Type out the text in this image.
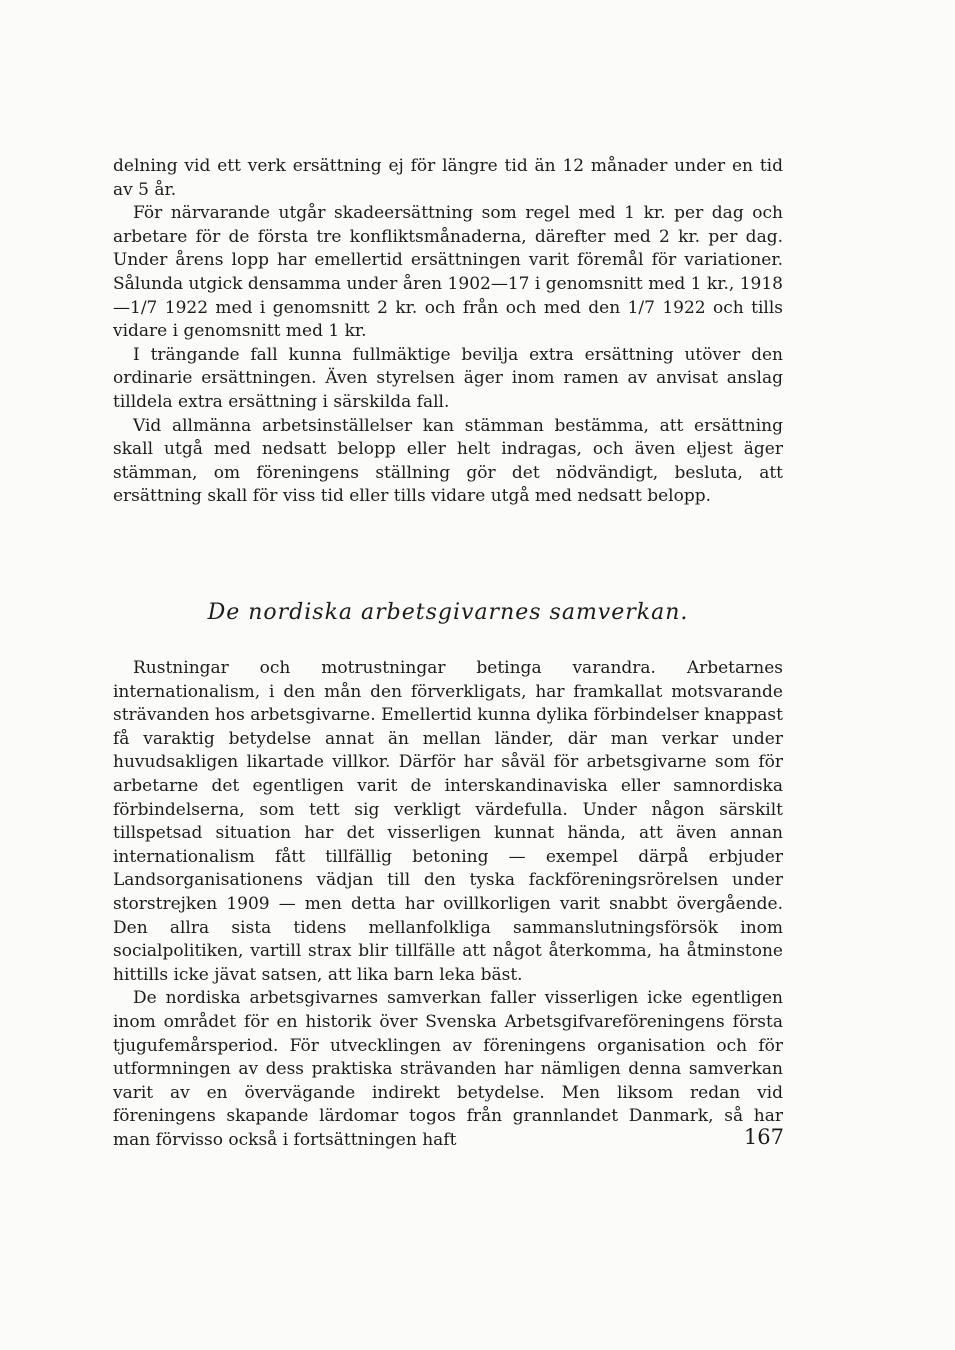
delning vid ett verk ersättning ej för längre tid än 12 månader under en tid av 5 år.

För närvarande utgår skadeersättning som regel med 1 kr. per dag och arbetare för de första tre konfliktsmånaderna, därefter med 2 kr. per dag. Under årens lopp har emellertid ersättningen varit föremål för variationer. Sålunda utgick densamma under åren 1902—17 i genomsnitt med 1 kr., 1918—1/7 1922 med i genomsnitt 2 kr. och från och med den 1/7 1922 och tills vidare i genomsnitt med 1 kr.

I trängande fall kunna fullmäktige bevilja extra ersättning utöver den ordinarie ersättningen. Även styrelsen äger inom ramen av anvisat anslag tilldela extra ersättning i särskilda fall.

Vid allmänna arbetsinställelser kan stämman bestämma, att ersättning skall utgå med nedsatt belopp eller helt indragas, och även eljest äger stämman, om föreningens ställning gör det nödvändigt, besluta, att ersättning skall för viss tid eller tills vidare utgå med nedsatt belopp.

De nordiska arbetsgivarnes samverkan.

Rustningar och motrustningar betinga varandra. Arbetarnes internationalism, i den mån den förverkligats, har framkallat motsvarande strävanden hos arbetsgivarne. Emellertid kunna dylika förbindelser knappast få varaktig betydelse annat än mellan länder, där man verkar under huvudsakligen likartade villkor. Därför har såväl för arbetsgivarne som för arbetarne det egentligen varit de interskandinaviska eller samnordiska förbindelserna, som tett sig verkligt värdefulla. Under någon särskilt tillspetsad situation har det visserligen kunnat hända, att även annan internationalism fått tillfällig betoning — exempel därpå erbjuder Landsorganisationens vädjan till den tyska fackföreningsrörelsen under storstrejken 1909 — men detta har ovillkorligen varit snabbt övergående. Den allra sista tidens mellanfolkliga sammanslutningsförsök inom socialpolitiken, vartill strax blir tillfälle att något återkomma, ha åtminstone hittills icke jävat satsen, att lika barn leka bäst.

De nordiska arbetsgivarnes samverkan faller visserligen icke egentligen inom området för en historik över Svenska Arbetsgifvareföreningens första tjugufemårsperiod. För utvecklingen av föreningens organisation och för utformningen av dess praktiska strävanden har nämligen denna samverkan varit av en övervägande indirekt betydelse. Men liksom redan vid föreningens skapande lärdomar togos från grannlandet Danmark, så har man förvisso också i fortsättningen haft	167
